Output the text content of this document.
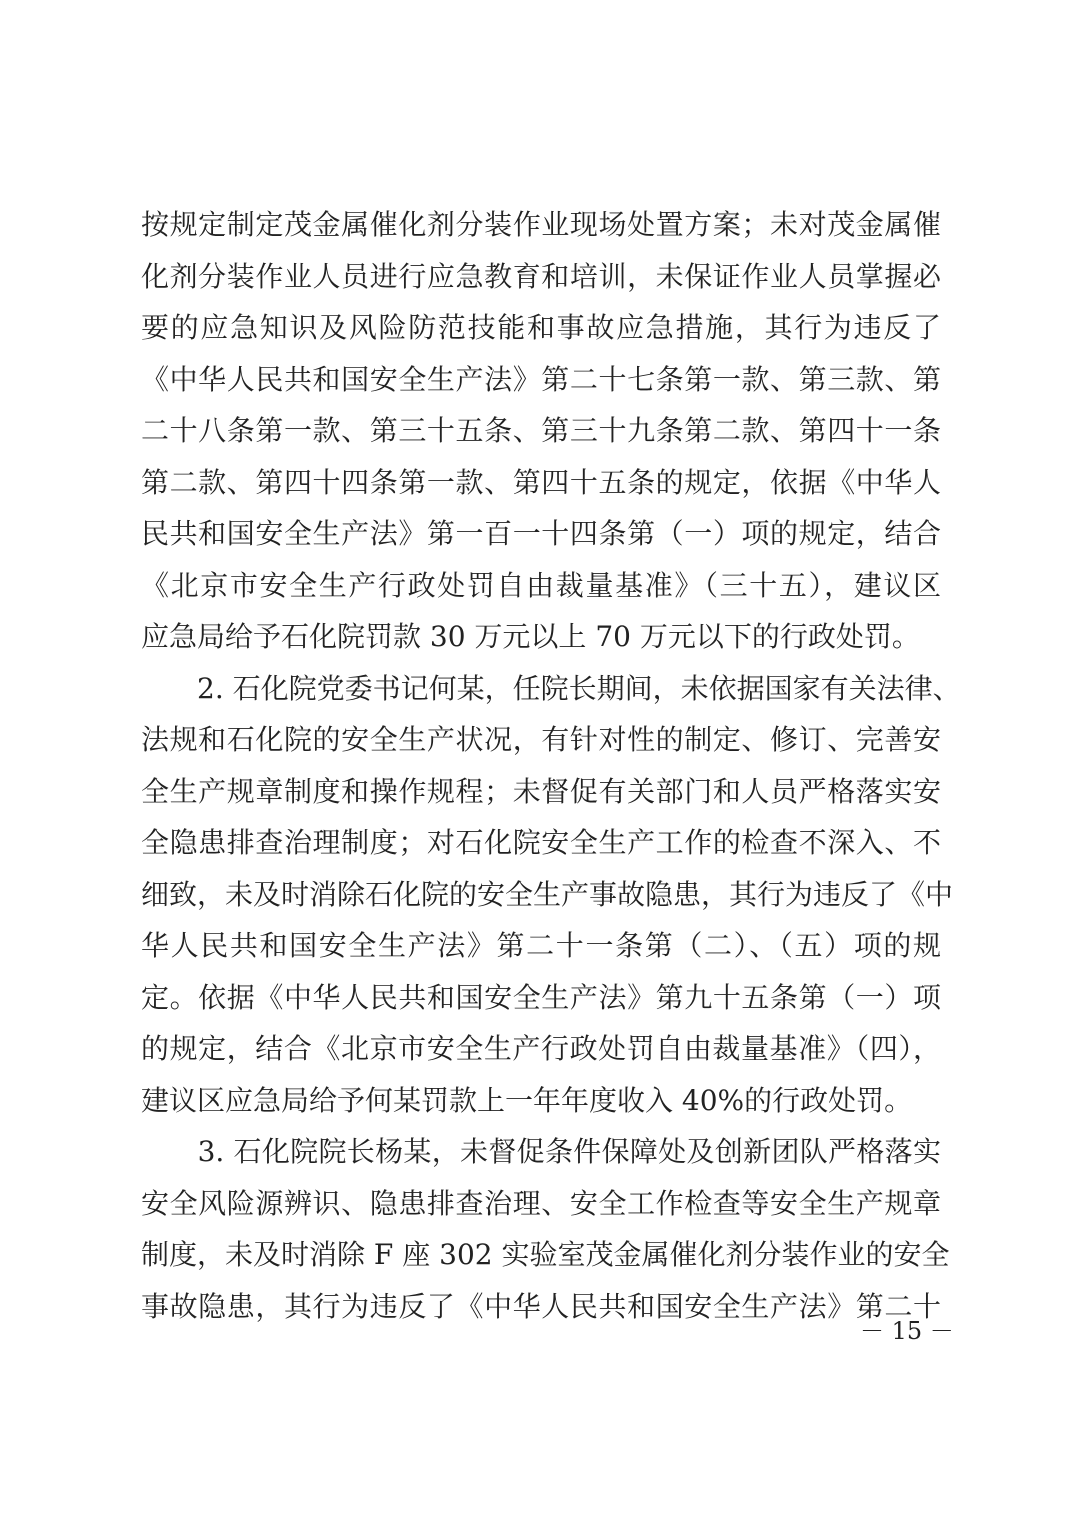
按规定制定茂金属催化剂分装作业现场处置方案；未对茂金属催
化剂分装作业人员进行应急教育和培训，未保证作业人员掌握必
要的应急知识及风险防范技能和事故应急措施，其行为违反了
《中华人民共和国安全生产法》第二十七条第一款、第三款、第
二十八条第一款、第三十五条、第三十九条第二款、第四十一条
第二款、第四十四条第一款、第四十五条的规定，依据《中华人
民共和国安全生产法》第一百一十四条第（一）项的规定，结合
《北京市安全生产行政处罚自由裁量基准》（三十五），建议区
应急局给予石化院罚款 30 万元以上 70 万元以下的行政处罚。
　　2. 石化院党委书记何某，任院长期间，未依据国家有关法律、
法规和石化院的安全生产状况，有针对性的制定、修订、完善安
全生产规章制度和操作规程；未督促有关部门和人员严格落实安
全隐患排查治理制度；对石化院安全生产工作的检查不深入、不
细致，未及时消除石化院的安全生产事故隐患，其行为违反了《中
华人民共和国安全生产法》第二十一条第（二）、（五）项的规
定。依据《中华人民共和国安全生产法》第九十五条第（一）项
的规定，结合《北京市安全生产行政处罚自由裁量基准》（四），
建议区应急局给予何某罚款上一年年度收入 40%的行政处罚。
　　3. 石化院院长杨某，未督促条件保障处及创新团队严格落实
安全风险源辨识、隐患排查治理、安全工作检查等安全生产规章
制度，未及时消除 F 座 302 实验室茂金属催化剂分装作业的安全
事故隐患，其行为违反了《中华人民共和国安全生产法》第二十
－ 15 －
